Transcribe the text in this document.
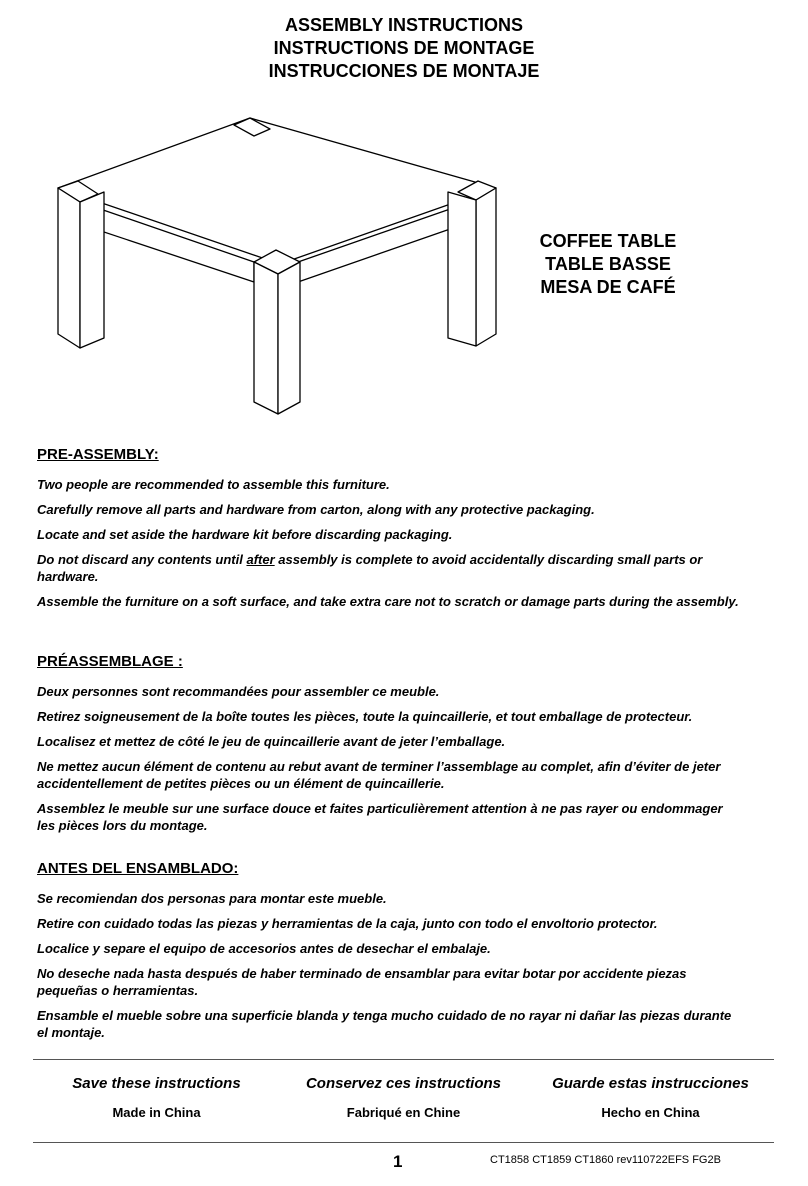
ASSEMBLY INSTRUCTIONS
INSTRUCTIONS DE MONTAGE
INSTRUCCIONES DE MONTAJE
COFFEE TABLE
TABLE BASSE
MESA DE CAFÉ
PRE-ASSEMBLY:

Two people are recommended to assemble this furniture.

Carefully remove all parts and hardware from carton, along with any protective packaging.

Locate and set aside the hardware kit before discarding packaging.

Do not discard any contents until after assembly is complete to avoid accidentally discarding small parts or hardware.

Assemble the furniture on a soft surface, and take extra care not to scratch or damage parts during the assembly.

PRÉASSEMBLAGE :

Deux personnes sont recommandées pour assembler ce meuble.

Retirez soigneusement de la boîte toutes les pièces, toute la quincaillerie, et tout emballage de protecteur.

Localisez et mettez de côté le jeu de quincaillerie avant de jeter l’emballage.

Ne mettez aucun élément de contenu au rebut avant de terminer l’assemblage au complet, afin d’éviter de jeter accidentellement de petites pièces ou un élément de quincaillerie.

Assemblez le meuble sur une surface douce et faites particulièrement attention à ne pas rayer ou endommager les pièces lors du montage.

ANTES DEL ENSAMBLADO:

Se recomiendan dos personas para montar este mueble.

Retire con cuidado todas las piezas y herramientas de la caja, junto con todo el envoltorio protector.

Localice y separe el equipo de accesorios antes de desechar el embalaje.

No deseche nada hasta después de haber terminado de ensamblar para evitar botar por accidente piezas pequeñas o herramientas.

Ensamble el mueble sobre una superficie blanda y tenga mucho cuidado de no rayar ni dañar las piezas durante el montaje.

Save these instructions
Made in China
Conservez ces instructions
Fabriqué en Chine
Guarde estas instrucciones
Hecho en China
1	CT1858 CT1859 CT1860 rev110722EFS FG2B
